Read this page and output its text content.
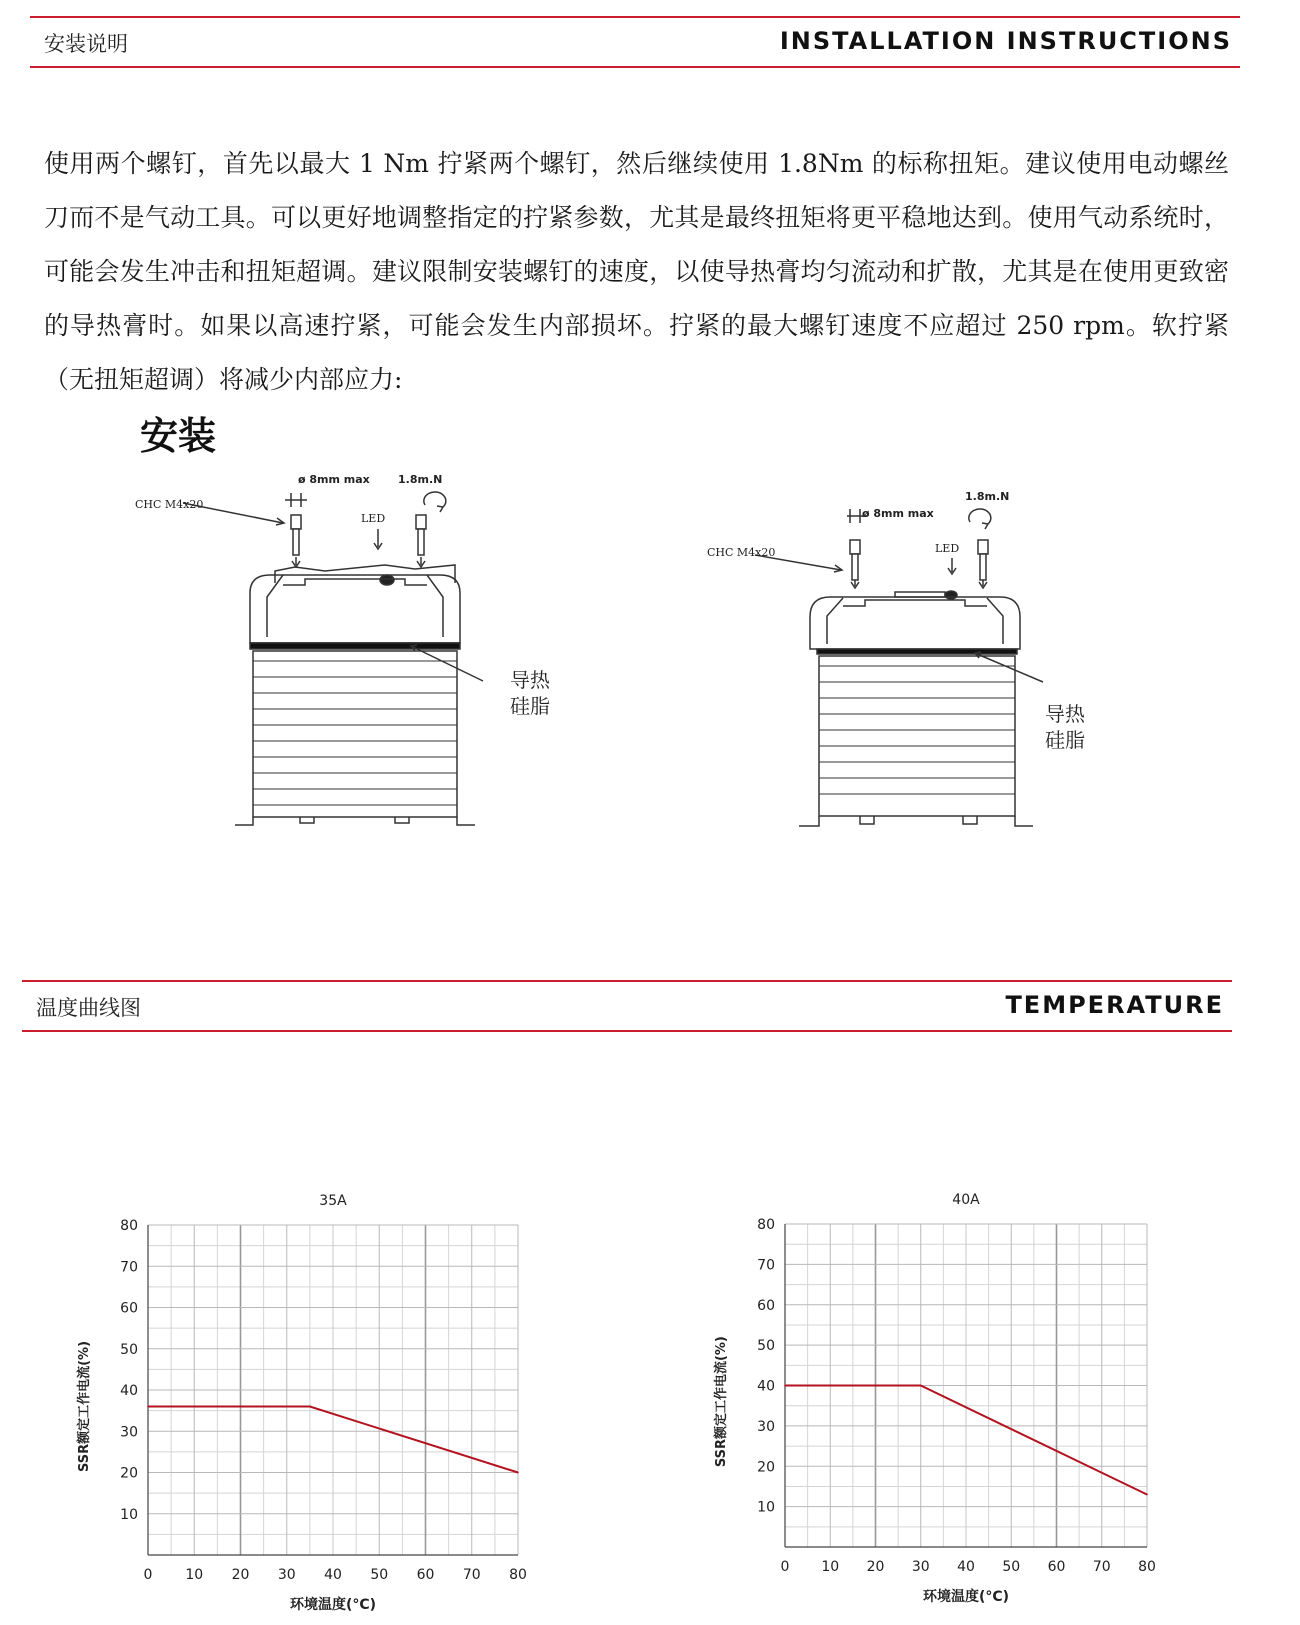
安装说明	INSTALLATION INSTRUCTIONS

使用两个螺钉，首先以最大 1 Nm 拧紧两个螺钉，然后继续使用 1.8Nm 的标称扭矩。建议使用电动螺丝刀而不是气动工具。可以更好地调整指定的拧紧参数，尤其是最终扭矩将更平稳地达到。使用气动系统时，可能会发生冲击和扭矩超调。建议限制安装螺钉的速度，以使导热膏均匀流动和扩散，尤其是在使用更致密的导热膏时。如果以高速拧紧，可能会发生内部损坏。拧紧的最大螺钉速度不应超过 250 rpm。软拧紧（无扭矩超调）将减少内部应力:

安装
1.8m.N
ø 8mm max
CHC M4x20
LED
导热
硅脂
1.8m.N
ø 8mm max
CHC M4x20	LED
导热
硅脂
温度曲线图	TEMPERATURE
0 10 20 30 40 50 60 70 80
10
20
30
40
50
60
70
80
35A
环境温度(°C)
SSR额定工作电流(%)
0 10 20 30 40 50 60 70 80
10
20
30
40
50
60
70
80
40A
环境温度(°C)
SSR额定工作电流(%)
